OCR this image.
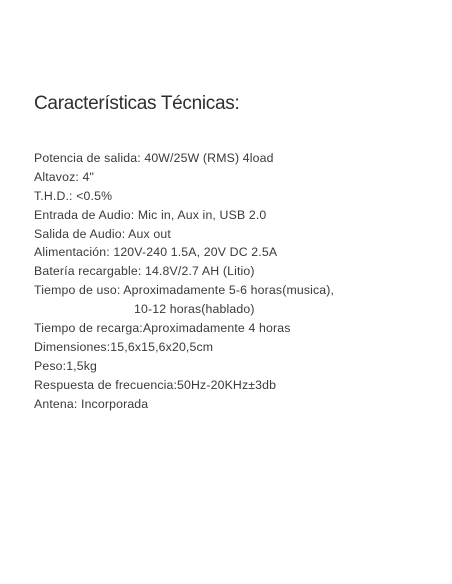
Características Técnicas:
Potencia de salida: 40W/25W (RMS) 4load
Altavoz: 4"
T.H.D.: <0.5%
Entrada de Audio: Mic in, Aux in, USB 2.0
Salida de Audio: Aux out
Alimentación: 120V-240 1.5A, 20V DC 2.5A
Batería recargable: 14.8V/2.7 AH (Litio)
Tiempo de uso: Aproximadamente 5-6 horas(musica),
10-12 horas(hablado)
Tiempo de recarga:Aproximadamente 4 horas
Dimensiones:15,6x15,6x20,5cm
Peso:1,5kg
Respuesta de frecuencia:50Hz-20KHz±3db
Antena: Incorporada
